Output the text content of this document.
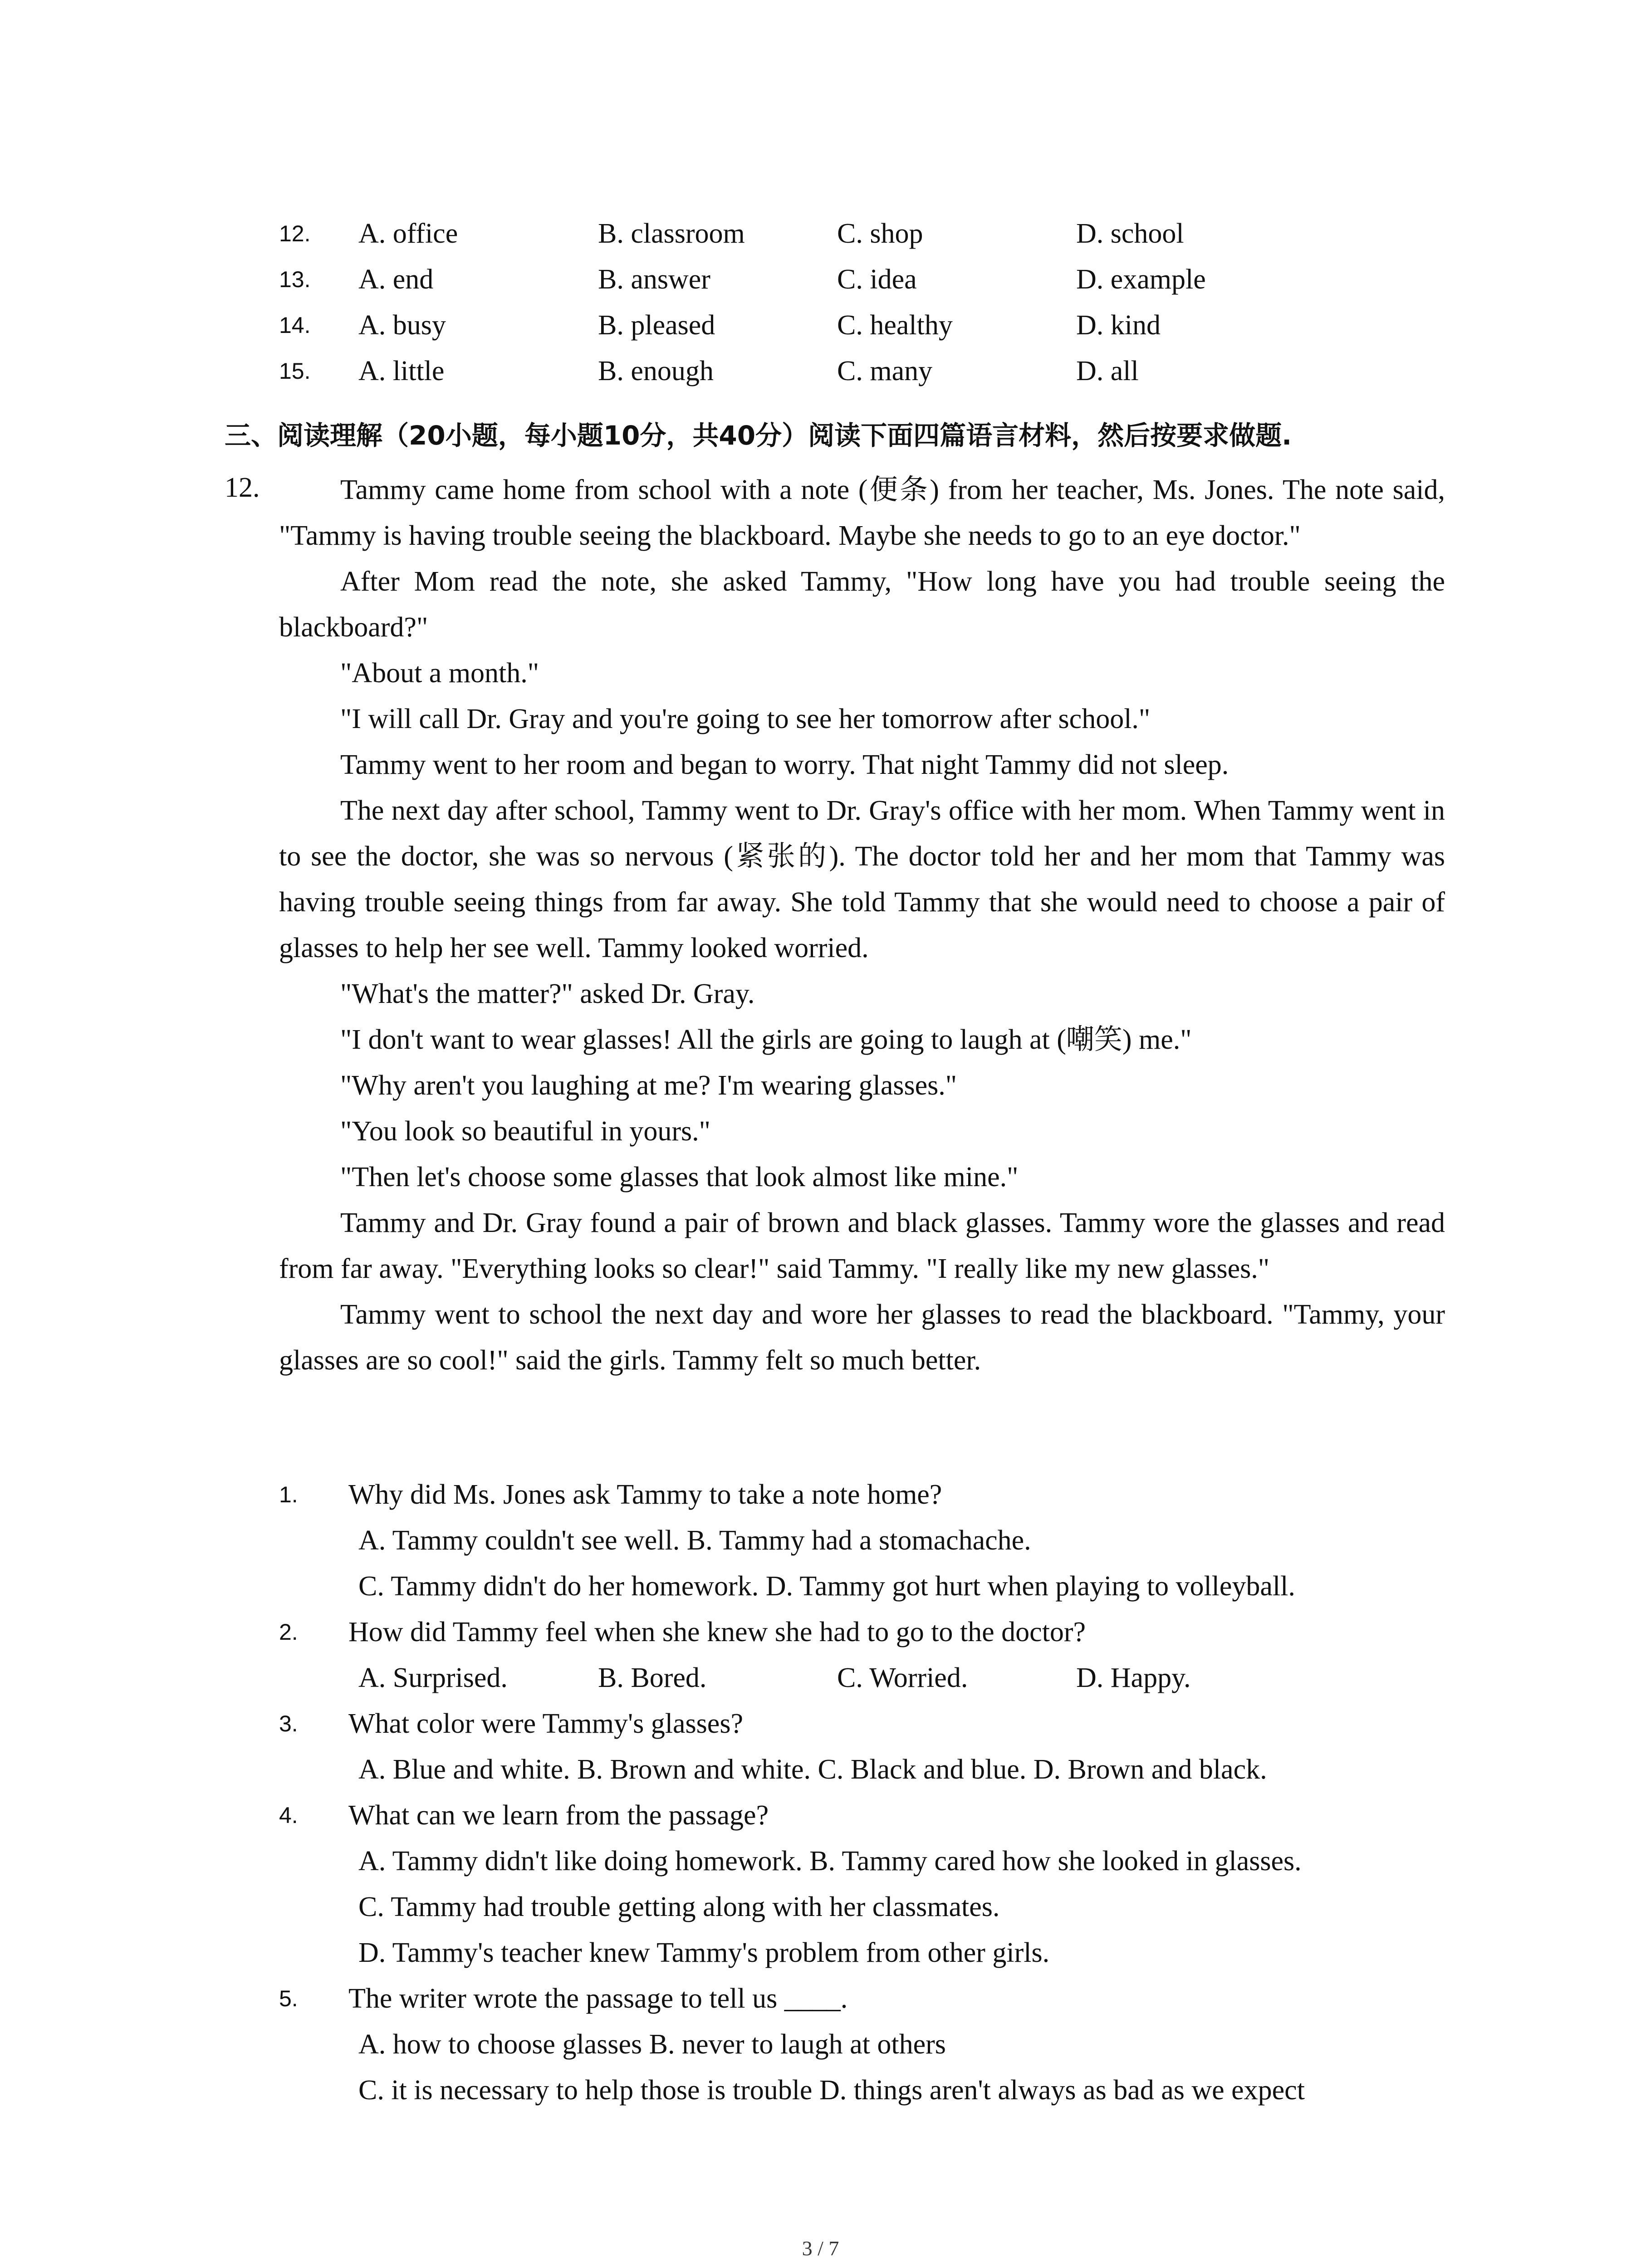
12. A. office	B. classroom	C. shop	D. school
13. A. end	B. answer	C. idea	D. example
14. A. busy	B. pleased	C. healthy	D. kind
15. A. little	B. enough	C. many	D. all
三、阅读理解（20小题，每小题10分，共40分）阅读下面四篇语言材料，然后按要求做题.
12.	Tammy came home from school with a note (便条) from her teacher, Ms. Jones. The note said, "Tammy is having trouble seeing the blackboard. Maybe she needs to go to an eye doctor."

After Mom read the note, she asked Tammy, "How long have you had trouble seeing the blackboard?"

"About a month."

"I will call Dr. Gray and you're going to see her tomorrow after school."

Tammy went to her room and began to worry. That night Tammy did not sleep.

The next day after school, Tammy went to Dr. Gray's office with her mom. When Tammy went in to see the doctor, she was so nervous (紧张的). The doctor told her and her mom that Tammy was having trouble seeing things from far away. She told Tammy that she would need to choose a pair of glasses to help her see well. Tammy looked worried.

"What's the matter?" asked Dr. Gray.

"I don't want to wear glasses! All the girls are going to laugh at (嘲笑) me."

"Why aren't you laughing at me? I'm wearing glasses."

"You look so beautiful in yours."

"Then let's choose some glasses that look almost like mine."

Tammy and Dr. Gray found a pair of brown and black glasses. Tammy wore the glasses and read from far away. "Everything looks so clear!" said Tammy. "I really like my new glasses."

Tammy went to school the next day and wore her glasses to read the blackboard. "Tammy, your glasses are so cool!" said the girls. Tammy felt so much better.

1. Why did Ms. Jones ask Tammy to take a note home?
A. Tammy couldn't see well. B. Tammy had a stomachache.
C. Tammy didn't do her homework. D. Tammy got hurt when playing to volleyball.
2. How did Tammy feel when she knew she had to go to the doctor?
A. Surprised.	B. Bored.	C. Worried.	D. Happy.
3. What color were Tammy's glasses?
A. Blue and white. B. Brown and white. C. Black and blue. D. Brown and black.
4. What can we learn from the passage?
A. Tammy didn't like doing homework. B. Tammy cared how she looked in glasses.
C. Tammy had trouble getting along with her classmates.
D. Tammy's teacher knew Tammy's problem from other girls.
5. The writer wrote the passage to tell us ____.
A. how to choose glasses B. never to laugh at others
C. it is necessary to help those is trouble D. things aren't always as bad as we expect
3 / 7
